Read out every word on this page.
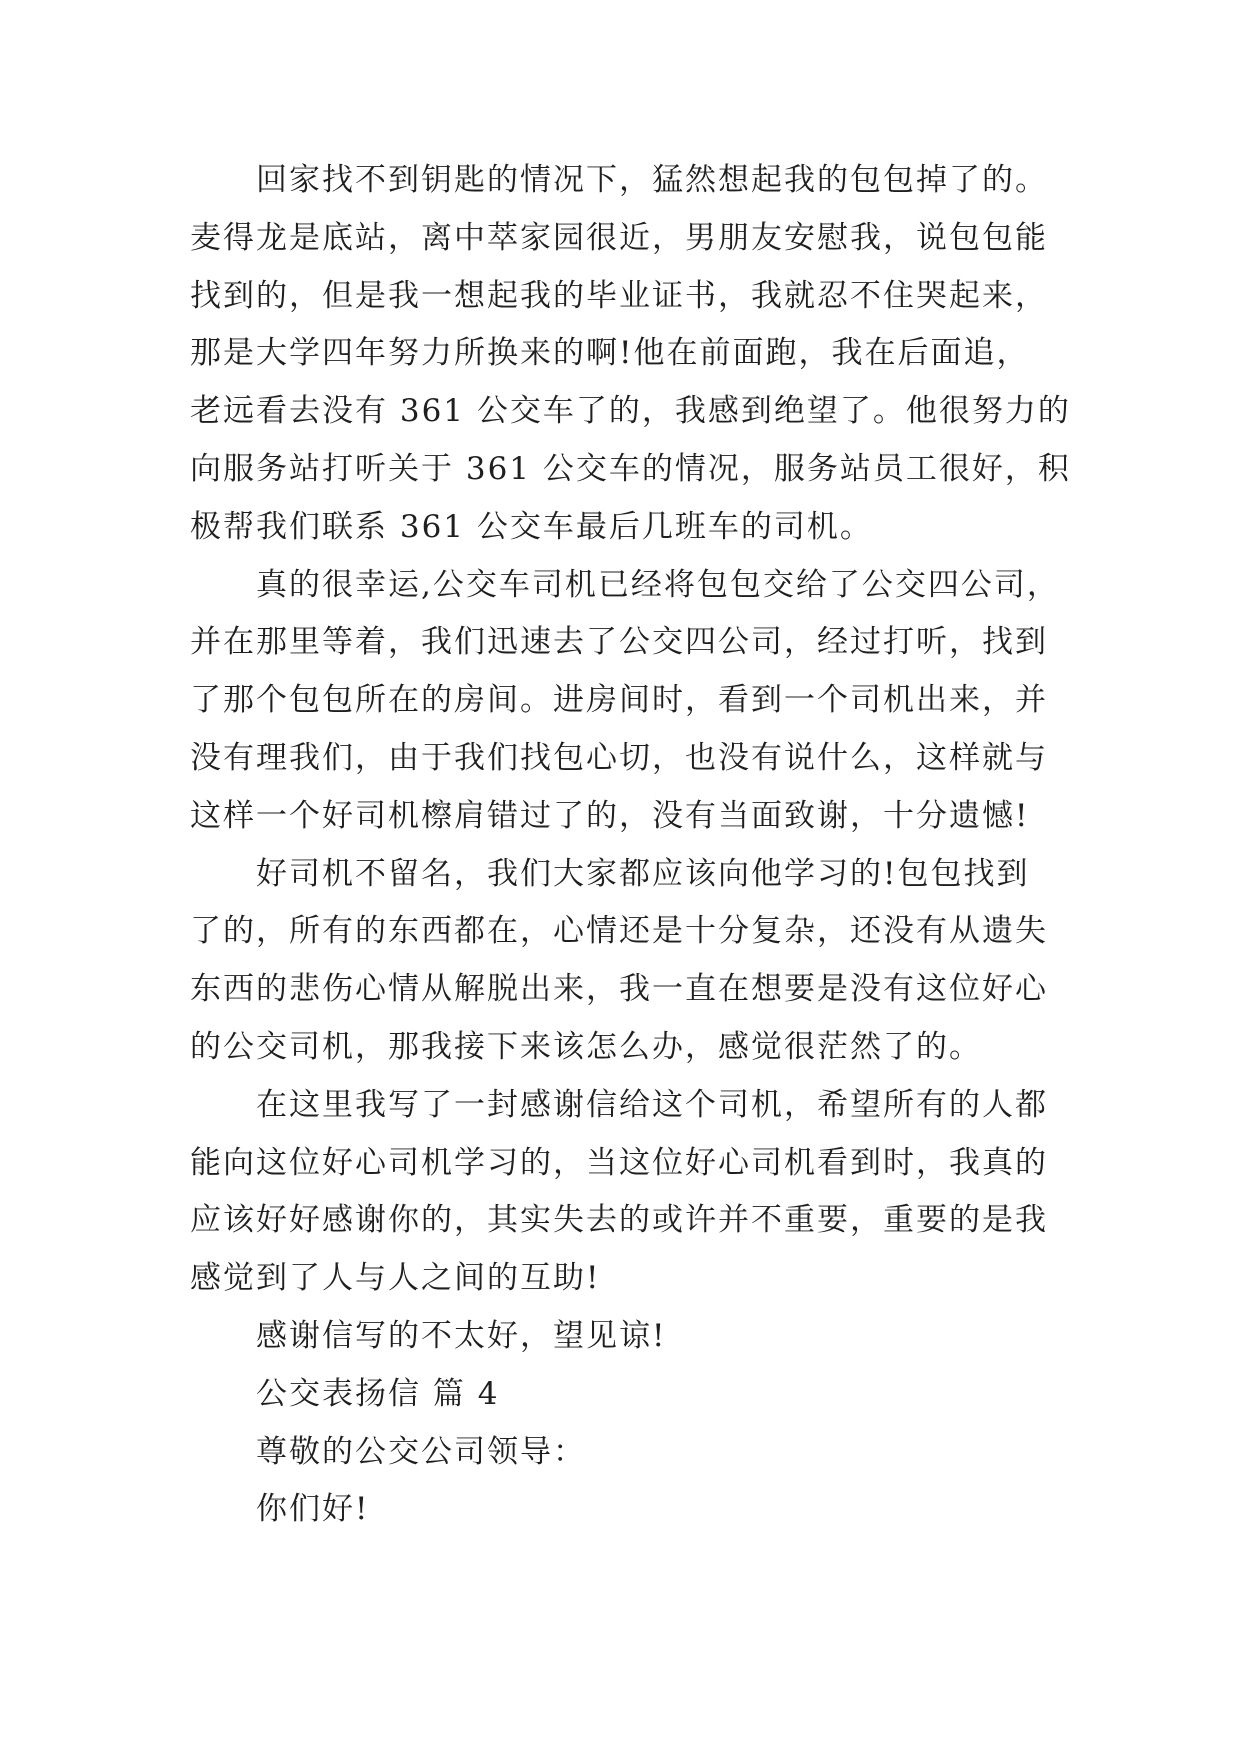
回家找不到钥匙的情况下，猛然想起我的包包掉了的。
麦得龙是底站，离中萃家园很近，男朋友安慰我，说包包能
找到的，但是我一想起我的毕业证书，我就忍不住哭起来，
那是大学四年努力所换来的啊!他在前面跑，我在后面追，
老远看去没有 361 公交车了的，我感到绝望了。他很努力的
向服务站打听关于 361 公交车的情况，服务站员工很好，积
极帮我们联系 361 公交车最后几班车的司机。
真的很幸运,公交车司机已经将包包交给了公交四公司，
并在那里等着，我们迅速去了公交四公司，经过打听，找到
了那个包包所在的房间。进房间时，看到一个司机出来，并
没有理我们，由于我们找包心切，也没有说什么，这样就与
这样一个好司机檫肩错过了的，没有当面致谢，十分遗憾!
好司机不留名，我们大家都应该向他学习的!包包找到
了的，所有的东西都在，心情还是十分复杂，还没有从遗失
东西的悲伤心情从解脱出来，我一直在想要是没有这位好心
的公交司机，那我接下来该怎么办，感觉很茫然了的。
在这里我写了一封感谢信给这个司机，希望所有的人都
能向这位好心司机学习的，当这位好心司机看到时，我真的
应该好好感谢你的，其实失去的或许并不重要，重要的是我
感觉到了人与人之间的互助!
感谢信写的不太好，望见谅!
公交表扬信 篇 4
尊敬的公交公司领导：
你们好!
